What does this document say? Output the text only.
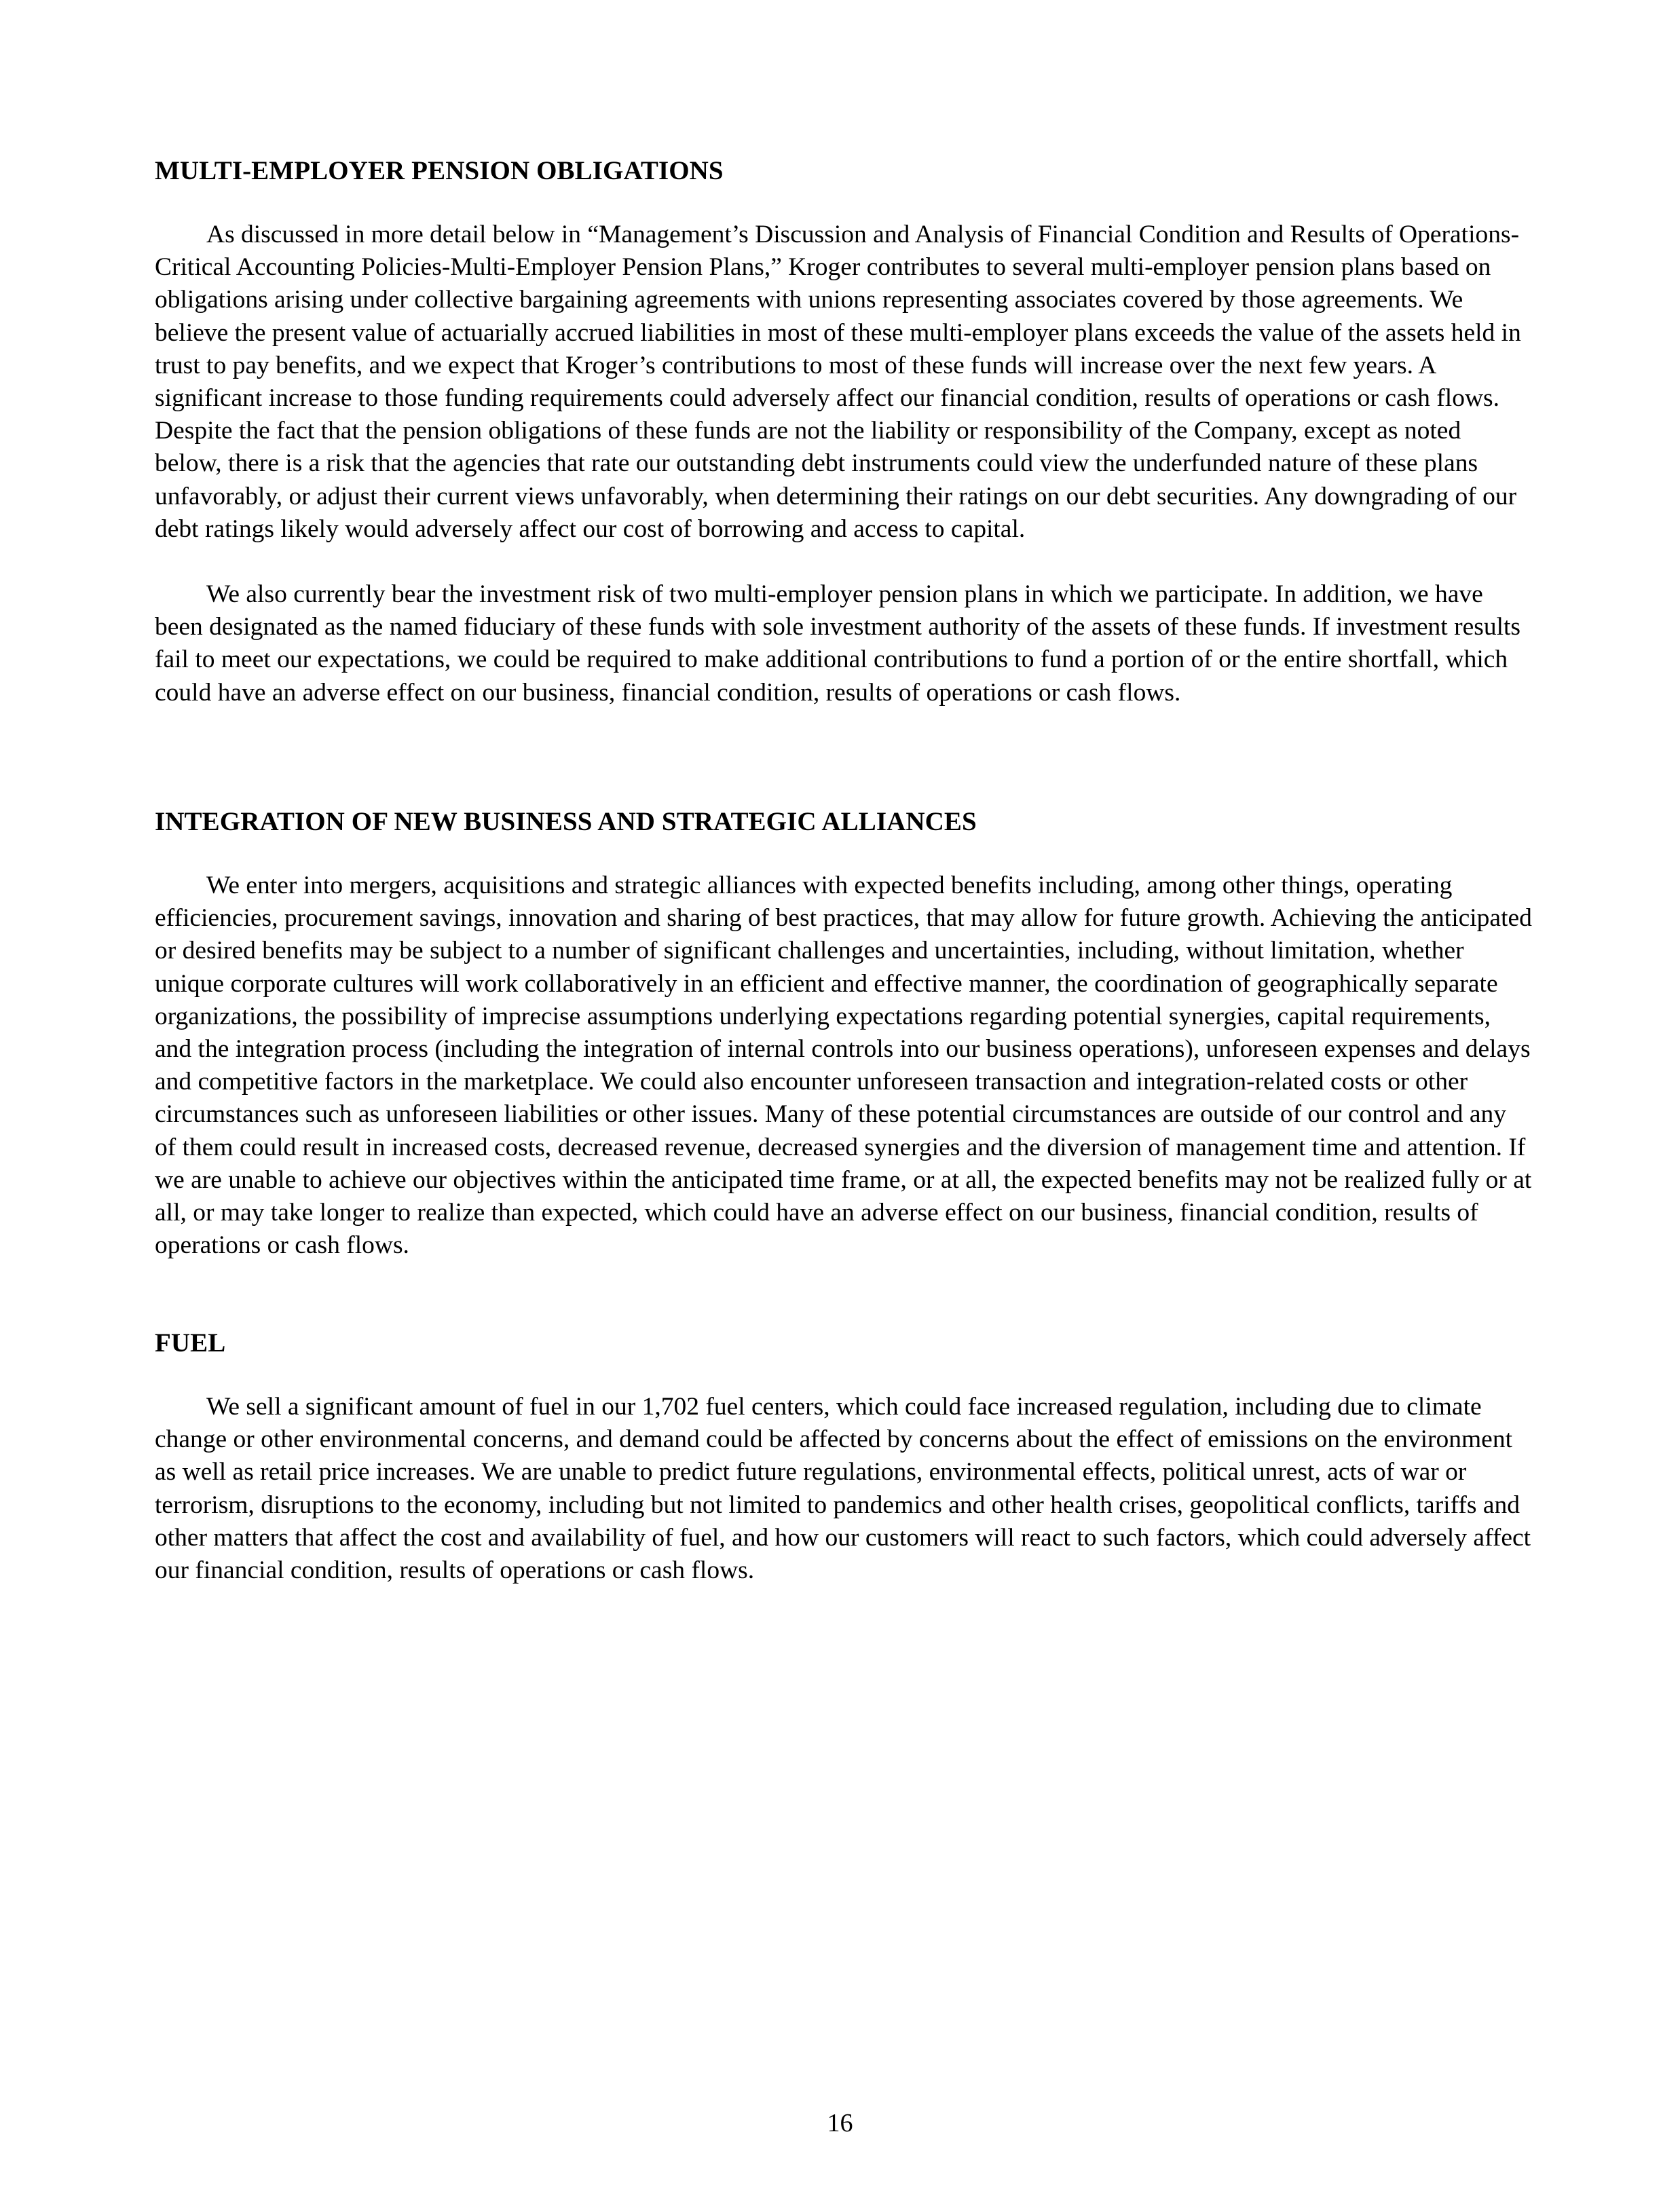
MULTI-EMPLOYER PENSION OBLIGATIONS

As discussed in more detail below in “Management’s Discussion and Analysis of Financial Condition and Results of Operations-Critical Accounting Policies-Multi-Employer Pension Plans,” Kroger contributes to several multi-employer pension plans based on obligations arising under collective bargaining agreements with unions representing associates covered by those agreements. We believe the present value of actuarially accrued liabilities in most of these multi-employer plans exceeds the value of the assets held in trust to pay benefits, and we expect that Kroger’s contributions to most of these funds will increase over the next few years. A significant increase to those funding requirements could adversely affect our financial condition, results of operations or cash flows. Despite the fact that the pension obligations of these funds are not the liability or responsibility of the Company, except as noted below, there is a risk that the agencies that rate our outstanding debt instruments could view the underfunded nature of these plans unfavorably, or adjust their current views unfavorably, when determining their ratings on our debt securities. Any downgrading of our debt ratings likely would adversely affect our cost of borrowing and access to capital.

We also currently bear the investment risk of two multi-employer pension plans in which we participate. In addition, we have been designated as the named fiduciary of these funds with sole investment authority of the assets of these funds. If investment results fail to meet our expectations, we could be required to make additional contributions to fund a portion of or the entire shortfall, which could have an adverse effect on our business, financial condition, results of operations or cash flows.

INTEGRATION OF NEW BUSINESS AND STRATEGIC ALLIANCES

We enter into mergers, acquisitions and strategic alliances with expected benefits including, among other things, operating efficiencies, procurement savings, innovation and sharing of best practices, that may allow for future growth. Achieving the anticipated or desired benefits may be subject to a number of significant challenges and uncertainties, including, without limitation, whether unique corporate cultures will work collaboratively in an efficient and effective manner, the coordination of geographically separate organizations, the possibility of imprecise assumptions underlying expectations regarding potential synergies, capital requirements, and the integration process (including the integration of internal controls into our business operations), unforeseen expenses and delays and competitive factors in the marketplace. We could also encounter unforeseen transaction and integration-related costs or other circumstances such as unforeseen liabilities or other issues. Many of these potential circumstances are outside of our control and any of them could result in increased costs, decreased revenue, decreased synergies and the diversion of management time and attention. If we are unable to achieve our objectives within the anticipated time frame, or at all, the expected benefits may not be realized fully or at all, or may take longer to realize than expected, which could have an adverse effect on our business, financial condition, results of operations or cash flows.

FUEL

We sell a significant amount of fuel in our 1,702 fuel centers, which could face increased regulation, including due to climate change or other environmental concerns, and demand could be affected by concerns about the effect of emissions on the environment as well as retail price increases. We are unable to predict future regulations, environmental effects, political unrest, acts of war or terrorism, disruptions to the economy, including but not limited to pandemics and other health crises, geopolitical conflicts, tariffs and other matters that affect the cost and availability of fuel, and how our customers will react to such factors, which could adversely affect our financial condition, results of operations or cash flows.

16
